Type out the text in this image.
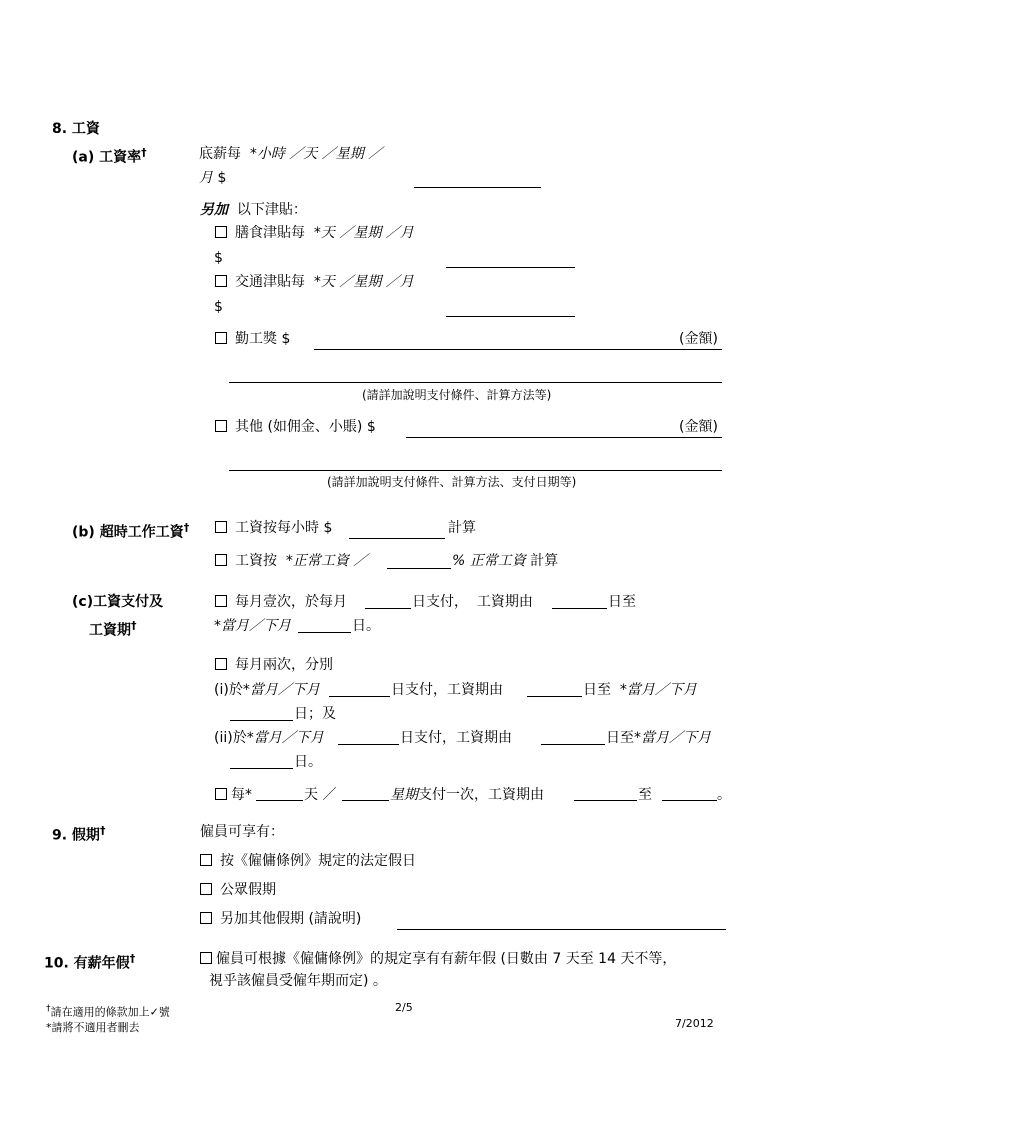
8. 工資
(a) 工資率†	底薪每 *小時 ／天 ／星期 ／
月 $
另加 以下津貼：
膳食津貼每 *天 ／星期 ／月
$
交通津貼每 *天 ／星期 ／月
$
勤工獎 $	(金額)
(請詳加說明支付條件、計算方法等)
其他 (如佣金、小賬) $	(金額)
(請詳加說明支付條件、計算方法、支付日期等)
(b) 超時工作工資†	工資按每小時 $	計算
工資按 *正常工資 ／	% 正常工資 計算
(c)工資支付及
工資期†
每月壹次，於每月	日支付， 工資期由	日至
*當月／下月	日。
每月兩次，分別
(i)於*當月／下月	日支付，工資期由	日至 *當月／下月
日；及
(ii)於*當月／下月	日支付，工資期由	日至*當月／下月
日。
每*	天 ／	星期支付一次，工資期由	至	。
9. 假期†	僱員可享有：
按《僱傭條例》規定的法定假日
公眾假期
另加其他假期 (請說明)
10. 有薪年假†	僱員可根據《僱傭條例》的規定享有有薪年假 (日數由 7 天至 14 天不等，
視乎該僱員受僱年期而定) 。
†請在適用的條款加上✓號
*請將不適用者刪去
2/5
7/2012
